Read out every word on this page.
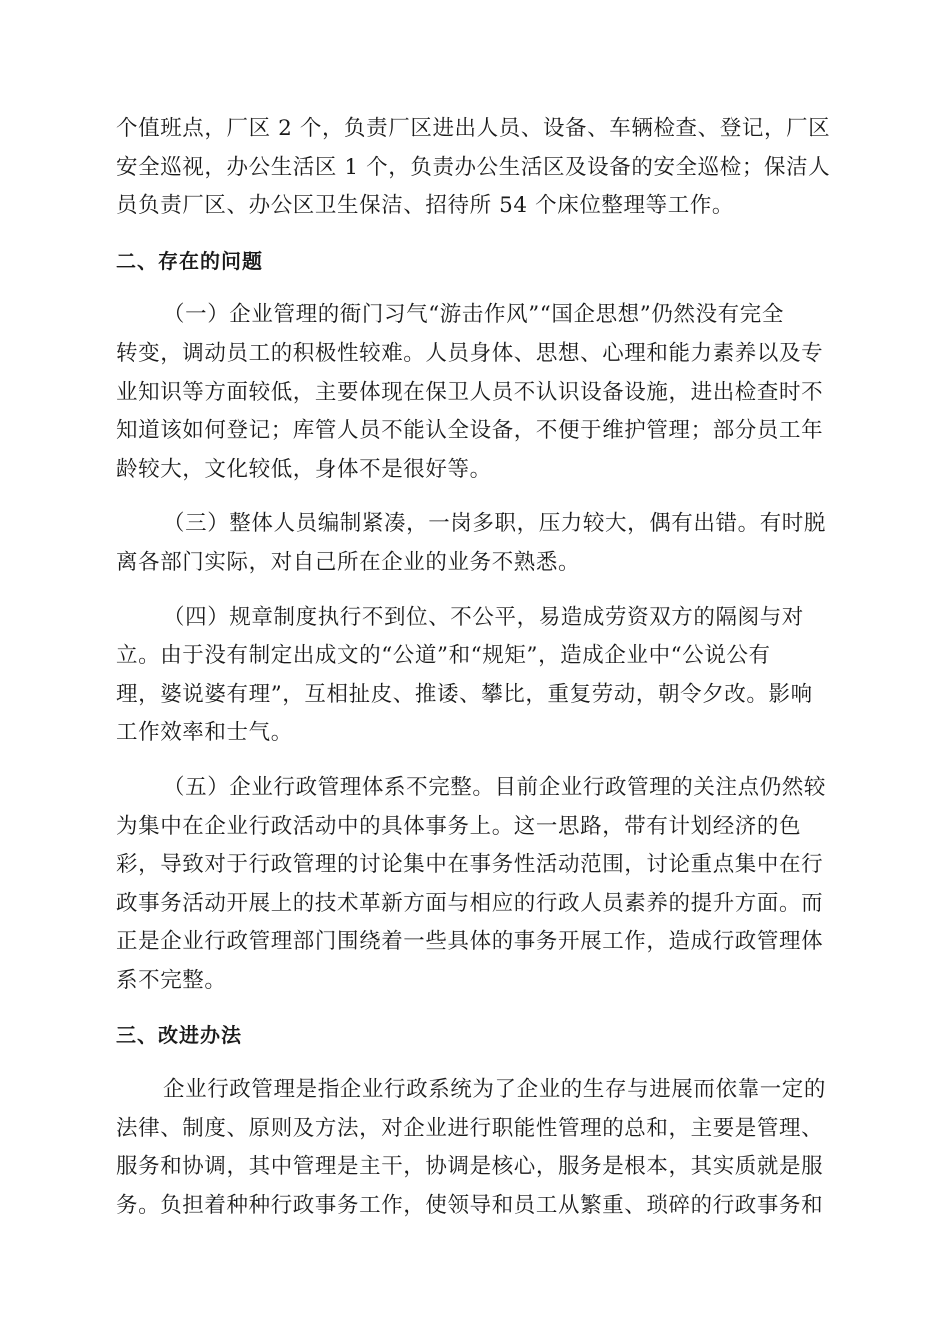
个值班点，厂区 2 个，负责厂区进出人员、设备、车辆检查、登记，厂区
安全巡视，办公生活区 1 个，负责办公生活区及设备的安全巡检；保洁人
员负责厂区、办公区卫生保洁、招待所 54 个床位整理等工作。
二、存在的问题
（一）企业管理的衙门习气“游击作风”“国企思想”仍然没有完全
转变，调动员工的积极性较难。人员身体、思想、心理和能力素养以及专
业知识等方面较低，主要体现在保卫人员不认识设备设施，进出检查时不
知道该如何登记；库管人员不能认全设备，不便于维护管理；部分员工年
龄较大，文化较低，身体不是很好等。
（三）整体人员编制紧凑，一岗多职，压力较大，偶有出错。有时脱
离各部门实际，对自己所在企业的业务不熟悉。
（四）规章制度执行不到位、不公平，易造成劳资双方的隔阂与对
立。由于没有制定出成文的“公道”和“规矩”，造成企业中“公说公有
理，婆说婆有理”，互相扯皮、推诿、攀比，重复劳动，朝令夕改。影响
工作效率和士气。
（五）企业行政管理体系不完整。目前企业行政管理的关注点仍然较
为集中在企业行政活动中的具体事务上。这一思路，带有计划经济的色
彩，导致对于行政管理的讨论集中在事务性活动范围，讨论重点集中在行
政事务活动开展上的技术革新方面与相应的行政人员素养的提升方面。而
正是企业行政管理部门围绕着一些具体的事务开展工作，造成行政管理体
系不完整。
三、改进办法
企业行政管理是指企业行政系统为了企业的生存与进展而依靠一定的
法律、制度、原则及方法，对企业进行职能性管理的总和，主要是管理、
服务和协调，其中管理是主干，协调是核心，服务是根本，其实质就是服
务。负担着种种行政事务工作，使领导和员工从繁重、琐碎的行政事务和
